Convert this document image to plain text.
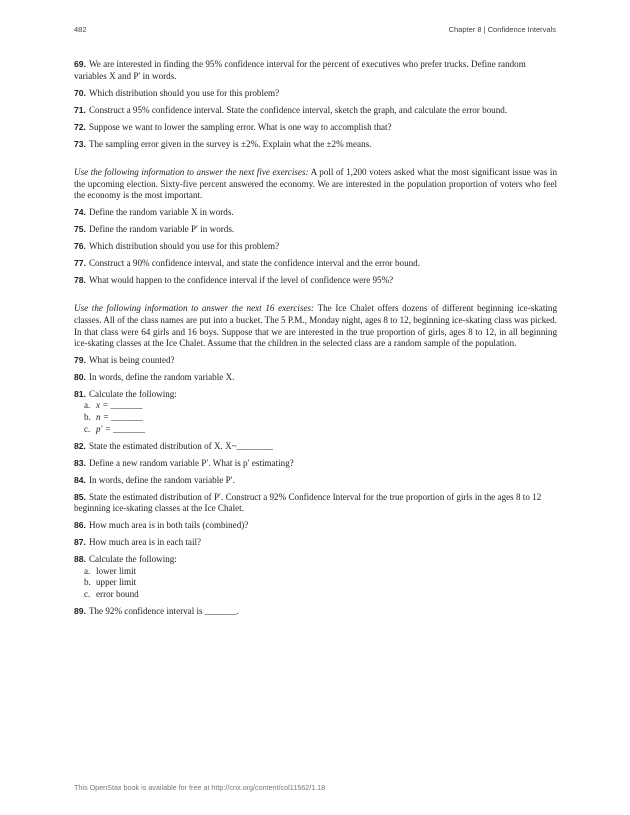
482	Chapter 8 | Confidence Intervals

69. We are interested in finding the 95% confidence interval for the percent of executives who prefer trucks. Define random variables X and P′ in words.

70. Which distribution should you use for this problem?

71. Construct a 95% confidence interval. State the confidence interval, sketch the graph, and calculate the error bound.

72. Suppose we want to lower the sampling error. What is one way to accomplish that?

73. The sampling error given in the survey is ±2%. Explain what the ±2% means.

Use the following information to answer the next five exercises: A poll of 1,200 voters asked what the most significant issue was in the upcoming election. Sixty-five percent answered the economy. We are interested in the population proportion of voters who feel the economy is the most important.

74. Define the random variable X in words.

75. Define the random variable P′ in words.

76. Which distribution should you use for this problem?

77. Construct a 90% confidence interval, and state the confidence interval and the error bound.

78. What would happen to the confidence interval if the level of confidence were 95%?

Use the following information to answer the next 16 exercises: The Ice Chalet offers dozens of different beginning ice-skating classes. All of the class names are put into a bucket. The 5 P.M., Monday night, ages 8 to 12, beginning ice-skating class was picked. In that class were 64 girls and 16 boys. Suppose that we are interested in the true proportion of girls, ages 8 to 12, in all beginning ice-skating classes at the Ice Chalet. Assume that the children in the selected class are a random sample of the population.

79. What is being counted?

80. In words, define the random variable X.

81. Calculate the following:

a. x = _______
b. n = _______
c. p′ = _______

82. State the estimated distribution of X. X~________

83. Define a new random variable P′. What is p′ estimating?

84. In words, define the random variable P′.

85. State the estimated distribution of P′. Construct a 92% Confidence Interval for the true proportion of girls in the ages 8 to 12 beginning ice-skating classes at the Ice Chalet.

86. How much area is in both tails (combined)?

87. How much area is in each tail?

88. Calculate the following:

a. lower limit
b. upper limit
c. error bound

89. The 92% confidence interval is _______.

This OpenStax book is available for free at http://cnx.org/content/col11562/1.18
